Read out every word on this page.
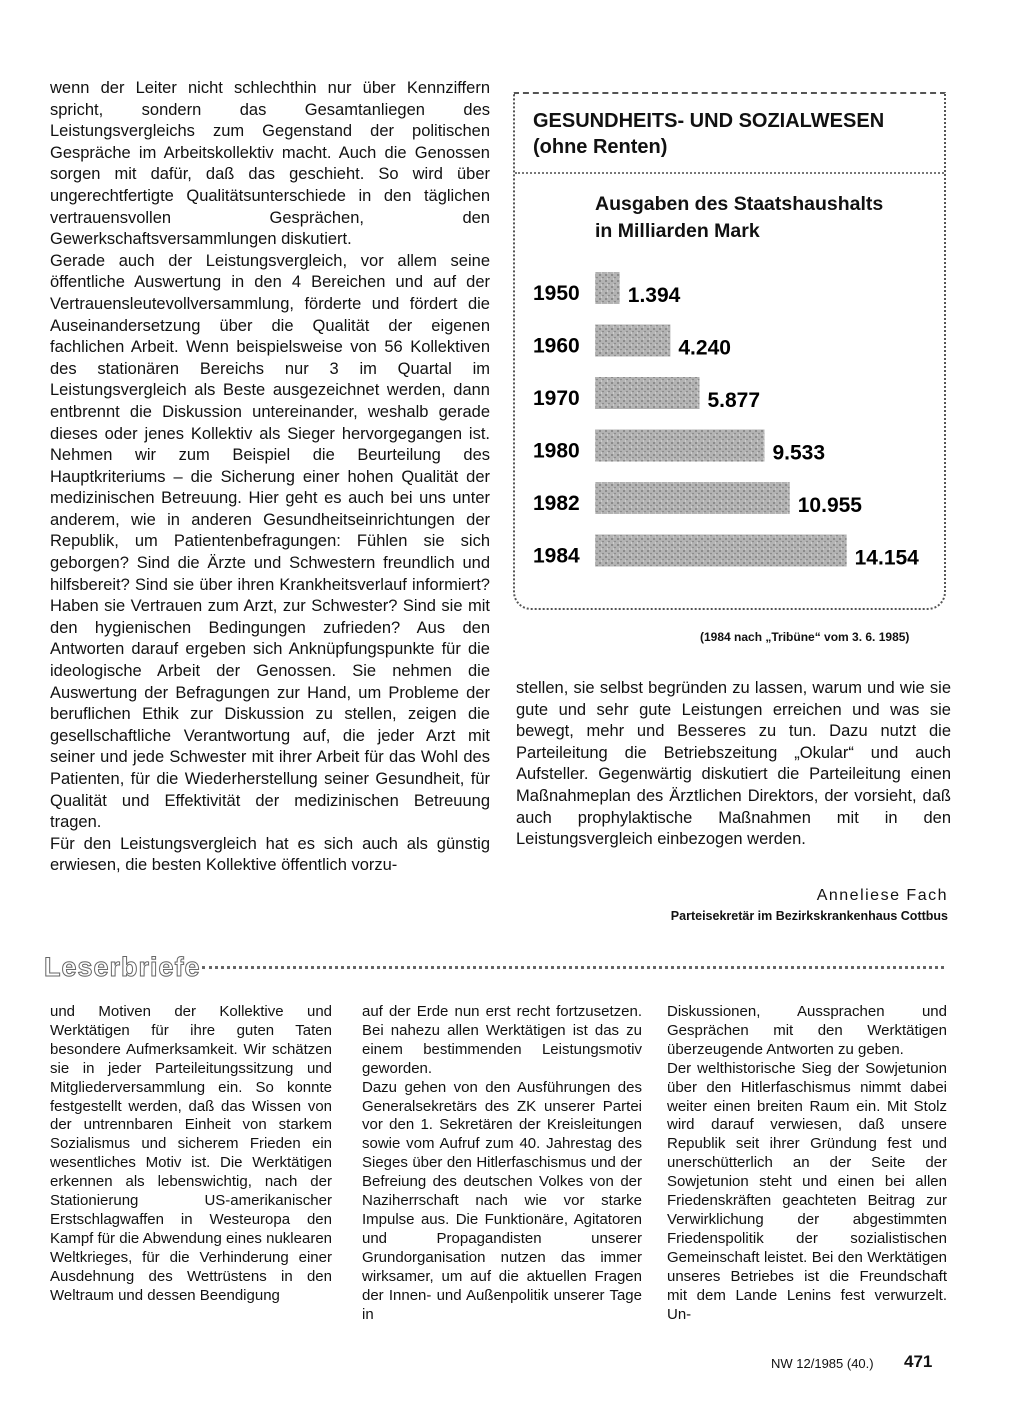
wenn der Leiter nicht schlechthin nur über Kennziffern spricht, sondern das Gesamtanliegen des Leistungsvergleichs zum Gegenstand der politischen Gespräche im Arbeitskollektiv macht. Auch die Genossen sorgen mit dafür, daß das geschieht. So wird über ungerechtfertigte Qualitätsunterschiede in den täglichen vertrauensvollen Gesprächen, den Gewerkschaftsversammlungen diskutiert.

Gerade auch der Leistungsvergleich, vor allem seine öffentliche Auswertung in den 4 Bereichen und auf der Vertrauensleutevollversammlung, förderte und fördert die Auseinandersetzung über die Qualität der eigenen fachlichen Arbeit. Wenn beispielsweise von 56 Kollektiven des stationären Bereichs nur 3 im Quartal im Leistungsvergleich als Beste ausgezeichnet werden, dann entbrennt die Diskussion untereinander, weshalb gerade dieses oder jenes Kollektiv als Sieger hervorgegangen ist. Nehmen wir zum Beispiel die Beurteilung des Hauptkriteriums – die Sicherung einer hohen Qualität der medizinischen Betreuung. Hier geht es auch bei uns unter anderem, wie in anderen Gesundheitseinrichtungen der Republik, um Patientenbefragungen: Fühlen sie sich geborgen? Sind die Ärzte und Schwestern freundlich und hilfsbereit? Sind sie über ihren Krankheitsverlauf informiert? Haben sie Vertrauen zum Arzt, zur Schwester? Sind sie mit den hygienischen Bedingungen zufrieden? Aus den Antworten darauf ergeben sich Anknüpfungspunkte für die ideologische Arbeit der Genossen. Sie nehmen die Auswertung der Befragungen zur Hand, um Probleme der beruflichen Ethik zur Diskussion zu stellen, zeigen die gesellschaftliche Verantwortung auf, die jeder Arzt mit seiner und jede Schwester mit ihrer Arbeit für das Wohl des Patienten, für die Wiederherstellung seiner Gesundheit, für Qualität und Effektivität der medizinischen Betreuung tragen.

Für den Leistungsvergleich hat es sich auch als günstig erwiesen, die besten Kollektive öffentlich vorzu-

GESUNDHEITS- UND SOZIALWESEN
(ohne Renten)
Ausgaben des Staatshaushalts
in Milliarden Mark
1950 1.394
1960	4.240
1970	5.877
1980	9.533
1982	10.955
1984	14.154
(1984 nach „Tribüne“ vom 3. 6. 1985)

stellen, sie selbst begründen zu lassen, warum und wie sie gute und sehr gute Leistungen erreichen und was sie bewegt, mehr und Besseres zu tun. Dazu nutzt die Parteileitung die Betriebszeitung „Okular“ und auch Aufsteller. Gegenwärtig diskutiert die Parteileitung einen Maßnahmeplan des Ärztlichen Direktors, der vorsieht, daß auch prophylaktische Maßnahmen mit in den Leistungsvergleich einbezogen werden.

Anneliese Fach
Parteisekretär im Bezirkskrankenhaus Cottbus
Leserbriefe

und Motiven der Kollektive und Werktätigen für ihre guten Taten besondere Aufmerksamkeit. Wir schätzen sie in jeder Parteileitungssitzung und Mitgliederversammlung ein. So konnte festgestellt werden, daß das Wissen von der untrennbaren Einheit von starkem Sozialismus und sicherem Frieden ein wesentliches Motiv ist. Die Werktätigen erkennen als lebenswichtig, nach der Stationierung US-amerikanischer Erstschlagwaffen in Westeuropa den Kampf für die Abwendung eines nuklearen Weltkrieges, für die Verhinderung einer Ausdehnung des Wettrüstens in den Weltraum und dessen Beendigung

auf der Erde nun erst recht fortzusetzen. Bei nahezu allen Werktätigen ist das zu einem bestimmenden Leistungsmotiv geworden.

Dazu gehen von den Ausführungen des Generalsekretärs des ZK unserer Partei vor den 1. Sekretären der Kreisleitungen sowie vom Aufruf zum 40. Jahrestag des Sieges über den Hitlerfaschismus und der Befreiung des deutschen Volkes von der Naziherrschaft nach wie vor starke Impulse aus. Die Funktionäre, Agitatoren und Propagandisten unserer Grundorganisation nutzen das immer wirksamer, um auf die aktuellen Fragen der Innen- und Außenpolitik unserer Tage in

Diskussionen, Aussprachen und Gesprächen mit den Werktätigen überzeugende Antworten zu geben.

Der welthistorische Sieg der Sowjetunion über den Hitlerfaschismus nimmt dabei weiter einen breiten Raum ein. Mit Stolz wird darauf verwiesen, daß unsere Republik seit ihrer Gründung fest und unerschütterlich an der Seite der Sowjetunion steht und einen bei allen Friedenskräften geachteten Beitrag zur Verwirklichung der abgestimmten Friedenspolitik der sozialistischen Gemeinschaft leistet. Bei den Werktätigen unseres Betriebes ist die Freundschaft mit dem Lande Lenins fest verwurzelt. Un-

NW 12/1985 (40.) 471
